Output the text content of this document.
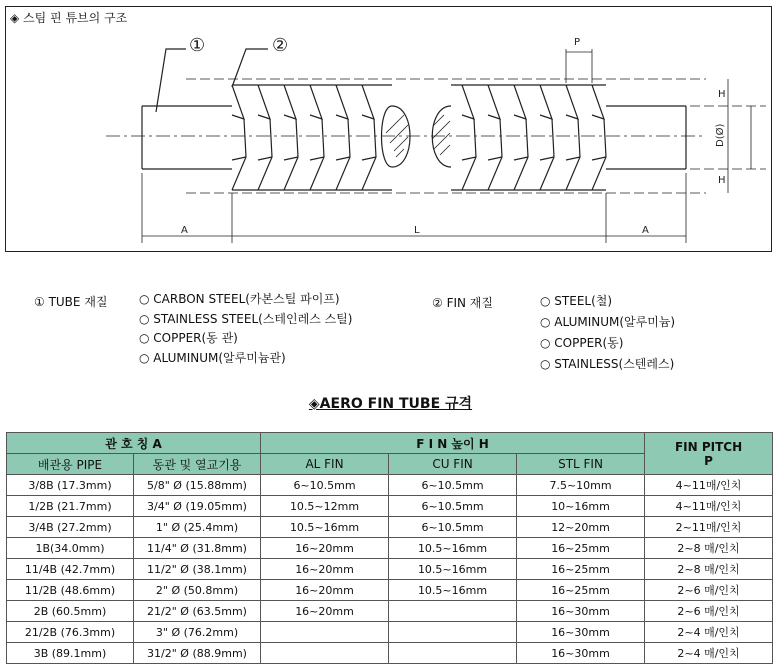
◈ 스팀 핀 튜브의 구조
①	②	P
H
D(Ø)
H
A	L	A
① TUBE 재질	○ CARBON STEEL(카본스틸 파이프)
○ STAINLESS STEEL(스테인레스 스틸)
○ COPPER(동 관)
○ ALUMINUM(알루미늄관)
② FIN 재질	○ STEEL(철)
○ ALUMINUM(알루미늄)
○ COPPER(동)
○ STAINLESS(스텐레스)
◈AERO FIN TUBE 규격
관 호 칭 A		F I N 높이 H			FIN PITCH
P

배관용 PIPE	동관 및 열교기용	AL FIN	CU FIN	STL FIN	
3/8B (17.3mm)	5/8" Ø (15.88mm)	6~10.5mm	6~10.5mm	7.5~10mm	4~11매/인치
1/2B (21.7mm)	3/4" Ø (19.05mm)	10.5~12mm	6~10.5mm	10~16mm	4~11매/인치
3/4B (27.2mm)	1" Ø (25.4mm)	10.5~16mm	6~10.5mm	12~20mm	2~11매/인치
1B(34.0mm)	11/4" Ø (31.8mm)	16~20mm	10.5~16mm	16~25mm	2~8 매/인치
11/4B (42.7mm)	11/2" Ø (38.1mm)	16~20mm	10.5~16mm	16~25mm	2~8 매/인치
11/2B (48.6mm)	2" Ø (50.8mm)	16~20mm	10.5~16mm	16~25mm	2~6 매/인치
2B (60.5mm)	21/2" Ø (63.5mm)	16~20mm		16~30mm	2~6 매/인치
21/2B (76.3mm)	3" Ø (76.2mm)			16~30mm	2~4 매/인치
3B (89.1mm)	31/2" Ø (88.9mm)			16~30mm	2~4 매/인치
